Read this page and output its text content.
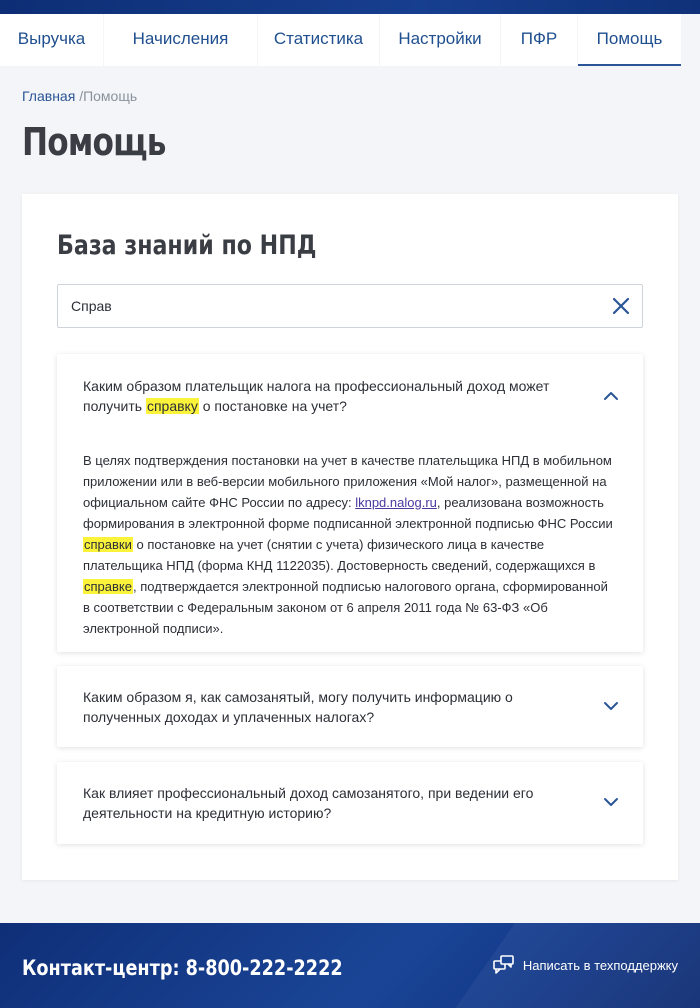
Выручка	Начисления	Статистика	Настройки	ПФР	Помощь
Главная /Помощь
Помощь
База знаний по НПД
Справ
Каким образом плательщик налога на профессиональный доход может получить справку о постановке на учет?
В целях подтверждения постановки на учет в качестве плательщика НПД в мобильном приложении или в веб-версии мобильного приложения «Мой налог», размещенной на официальном сайте ФНС России по адресу: lknpd.nalog.ru, реализована возможность формирования в электронной форме подписанной электронной подписью ФНС России справки о постановке на учет (снятии с учета) физического лица в качестве плательщика НПД (форма КНД 1122035). Достоверность сведений, содержащихся в справке, подтверждается электронной подписью налогового органа, сформированной в соответствии с Федеральным законом от 6 апреля 2011 года № 63-ФЗ «Об электронной подписи».
Каким образом я, как самозанятый, могу получить информацию о полученных доходах и уплаченных налогах?
Как влияет профессиональный доход самозанятого, при ведении его деятельности на кредитную историю?
Контакт-центр: 8-800-222-2222	Написать в техподдержку
